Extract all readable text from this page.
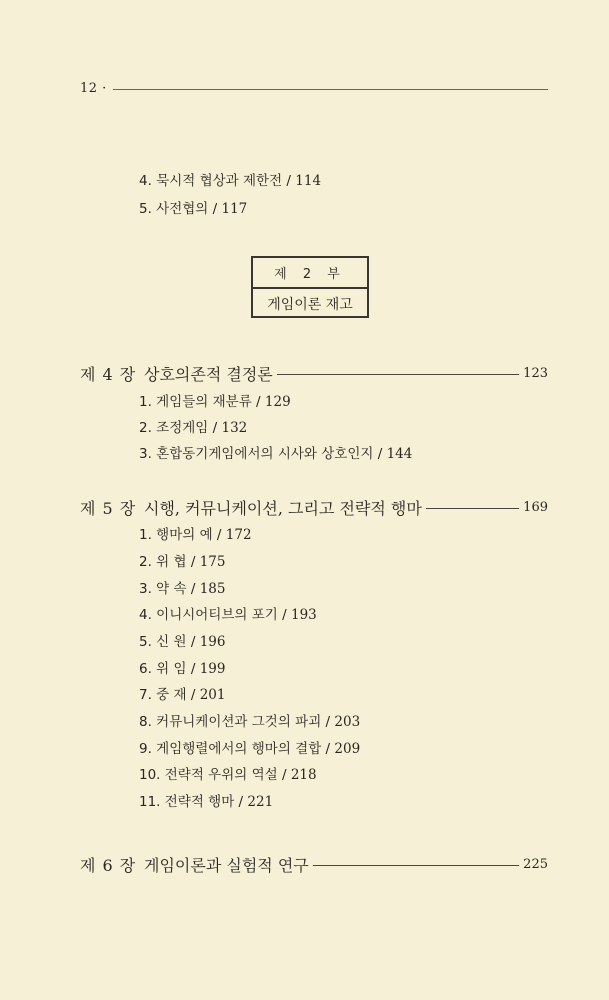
12 ·
4. 묵시적 협상과 제한전 / 114
5. 사전협의 / 117
제 2 부
게임이론 재고
제 4 장 상호의존적 결정론	123
1. 게임들의 재분류 / 129
2. 조정게임 / 132
3. 혼합동기게임에서의 시사와 상호인지 / 144
제 5 장 시행, 커뮤니케이션, 그리고 전략적 행마	169
1. 행마의 예 / 172
2. 위 협 / 175
3. 약 속 / 185
4. 이니시어티브의 포기 / 193
5. 신 원 / 196
6. 위 임 / 199
7. 중 재 / 201
8. 커뮤니케이션과 그것의 파괴 / 203
9. 게임행렬에서의 행마의 결합 / 209
10. 전략적 우위의 역설 / 218
11. 전략적 행마 / 221
제 6 장 게임이론과 실험적 연구	225
